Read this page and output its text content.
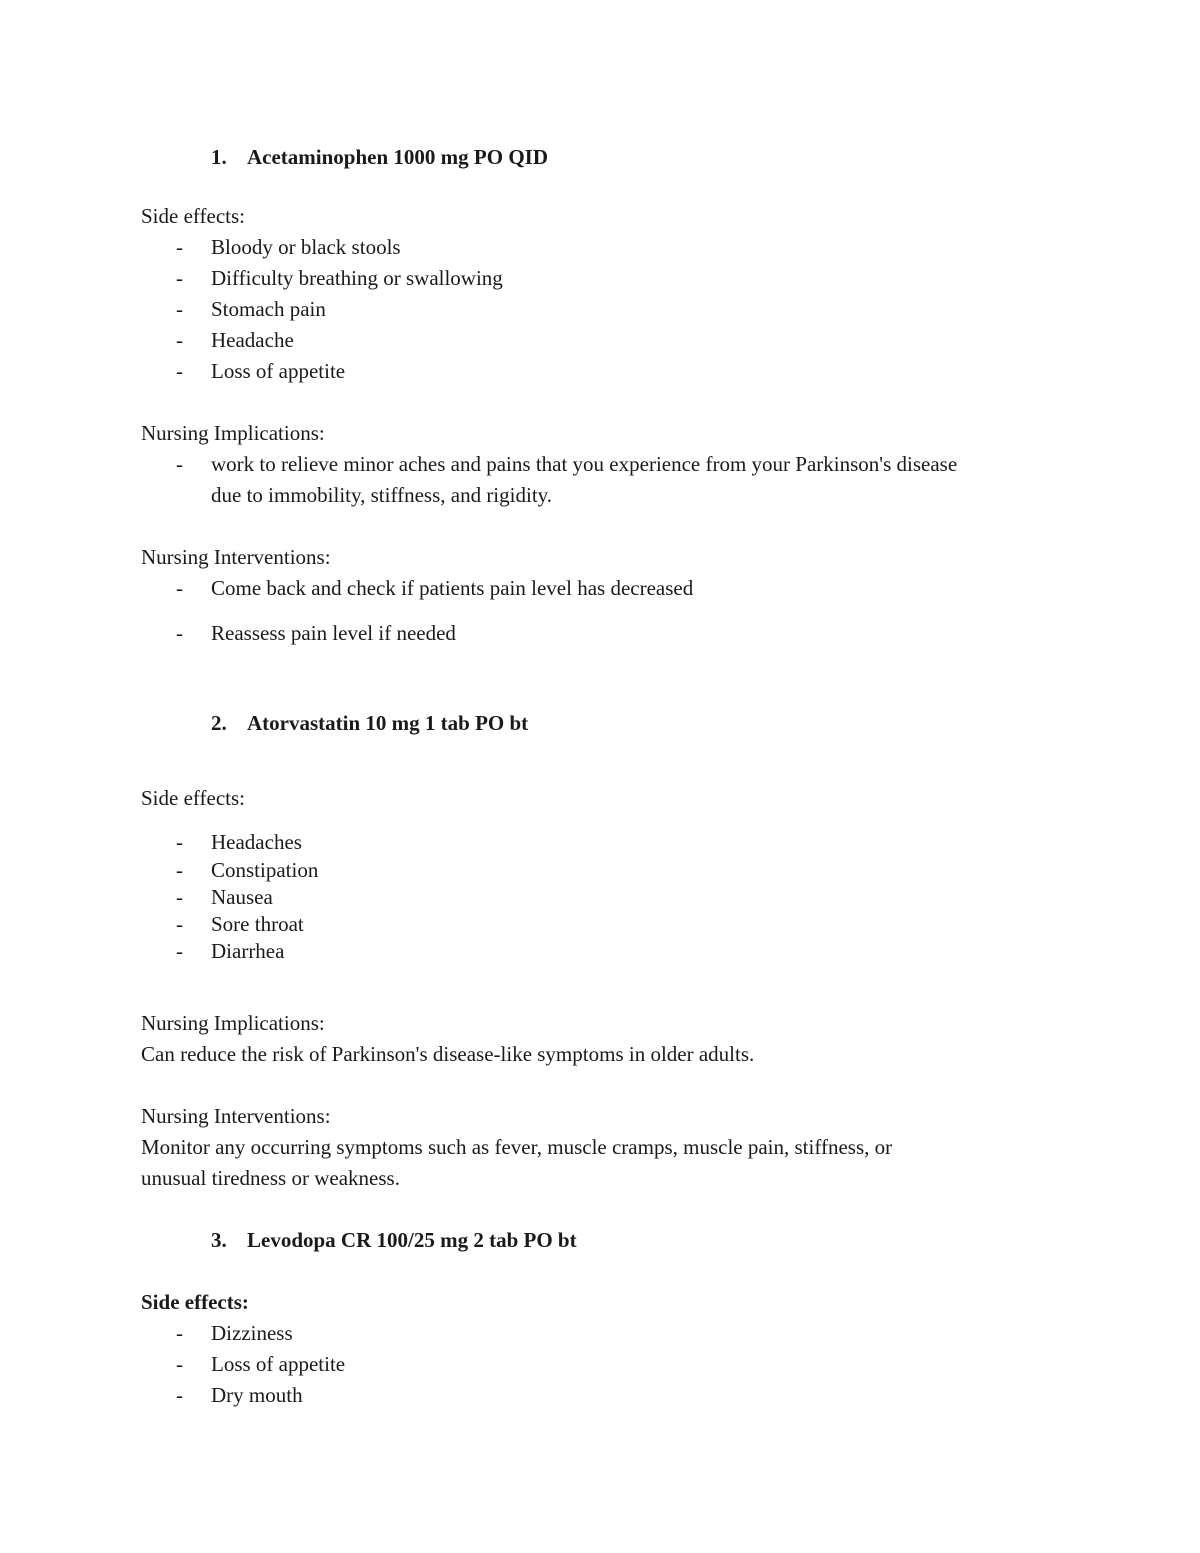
1. Acetaminophen 1000 mg PO QID
Side effects:
- Bloody or black stools
- Difficulty breathing or swallowing
- Stomach pain
- Headache
- Loss of appetite
Nursing Implications:
- work to relieve minor aches and pains that you experience from your Parkinson's disease
due to immobility, stiffness, and rigidity.
Nursing Interventions:
- Come back and check if patients pain level has decreased
- Reassess pain level if needed
2. Atorvastatin 10 mg 1 tab PO bt
Side effects:
- Headaches
- Constipation
- Nausea
- Sore throat
- Diarrhea
Nursing Implications:
Can reduce the risk of Parkinson's disease-like symptoms in older adults.
Nursing Interventions:
Monitor any occurring symptoms such as fever, muscle cramps, muscle pain, stiffness, or
unusual tiredness or weakness.
3. Levodopa CR 100/25 mg 2 tab PO bt
Side effects:
- Dizziness
- Loss of appetite
- Dry mouth
